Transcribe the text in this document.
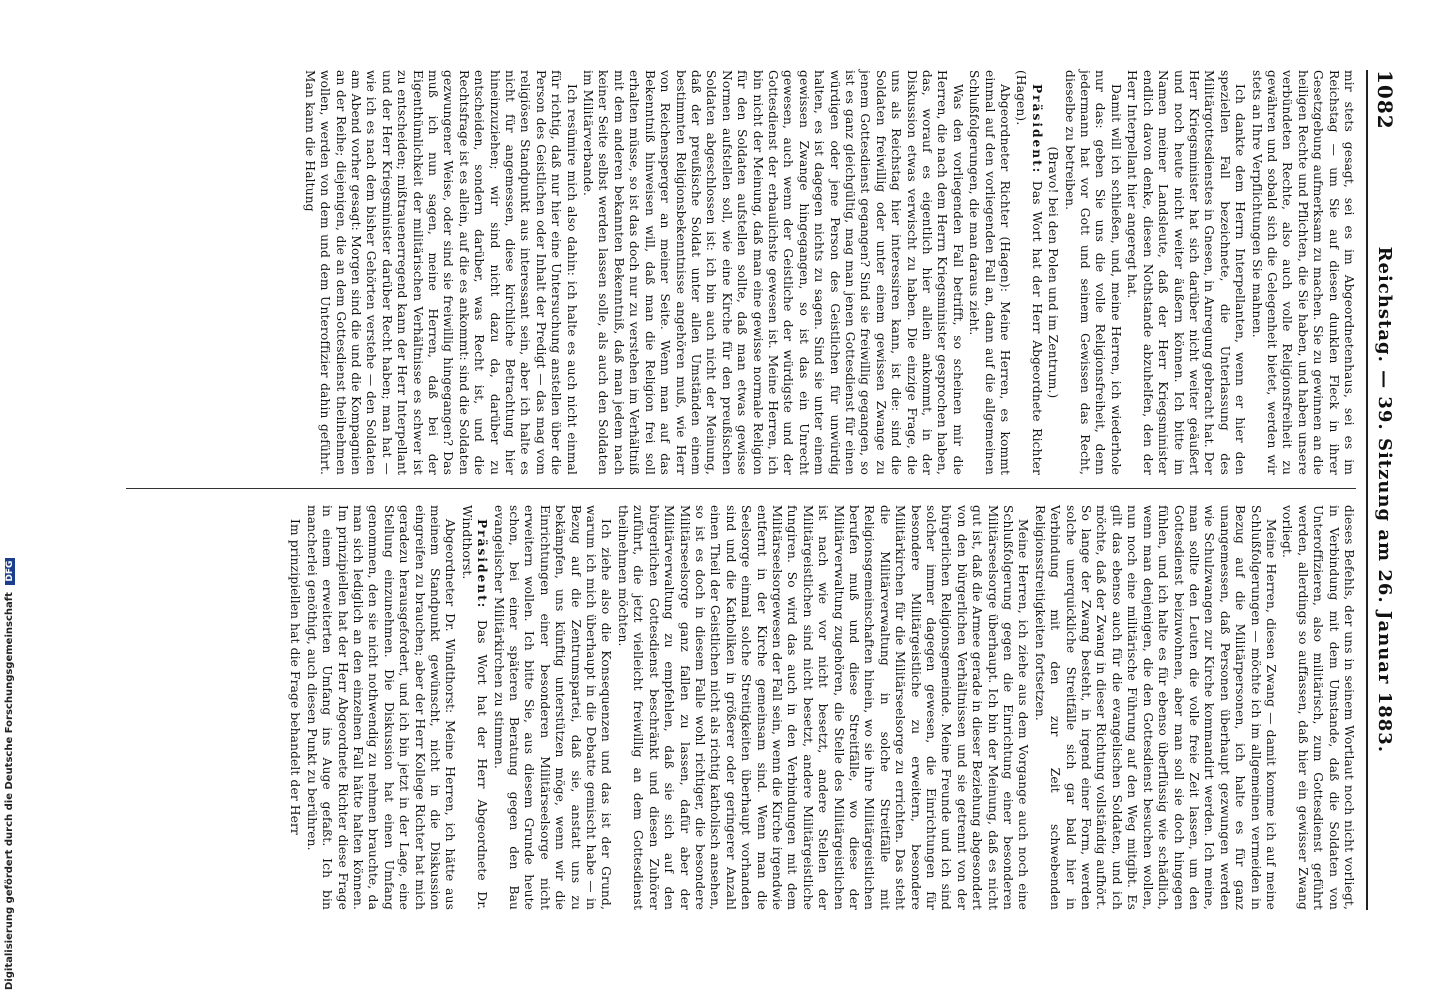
1082
Reichstag. — 39. Sitzung am 26. Januar 1883.

mir stets gesagt, sei es im Abgeordnetenhaus, sei es im Reichstag — um Sie auf diesen dunklen Fleck in ihrer Gesetzgebung aufmerksam zu machen. Sie zu gewinnen an die heiligen Rechte und Pflichten, die Sie haben, und haben unsere verbündeten Rechte, also auch volle Religionsfreiheit zu gewähren und sobald sich die Gelegenheit bietet, werden wir stets an Ihre Verpflichtungen Sie mahnen.

Ich dankte dem Herrn Interpellanten, wenn er hier den speziellen Fall bezeichnete, die Unterlassung des Militärgottesdienstes in Gnesen, in Anregung gebracht hat. Der Herr Kriegsminister hat sich darüber nicht weiter geäußert und noch heute nicht weiter äußern können. Ich bitte im Namen meiner Landsleute, daß der Herr Kriegsminister endlich davon denke, diesen Nothstande abzuhelfen, den der Herr Interpellant hier angeregt hat.

Damit will ich schließen, und, meine Herren, ich wiederhole nur das: geben Sie uns die volle Religionsfreiheit, denn jedermann hat vor Gott und seinem Gewissen das Recht, dieselbe zu betreiben.

(Bravo! bei den Polen und im Zentrum.)

Präsident: Das Wort hat der Herr Abgeordnete Richter (Hagen).

Abgeordneter Richter (Hagen): Meine Herren, es kommt einmal auf den vorliegenden Fall an, dann auf die allgemeinen Schlußfolgerungen, die man daraus zieht.

Was den vorliegenden Fall betrifft, so scheinen mir die Herren, die nach dem Herrn Kriegsminister gesprochen haben, das, worauf es eigentlich hier allein ankommt, in der Diskussion etwas verwischt zu haben. Die einzige Frage, die uns als Reichstag hier interessiren kann, ist die: sind die Soldaten freiwillig oder unter einem gewissen Zwange zu jenem Gottesdienst gegangen? Sind sie freiwillig gegangen, so ist es ganz gleichgültig, mag man jenen Gottesdienst für einen würdigen oder jene Person des Geistlichen für unwürdig halten, es ist dagegen nichts zu sagen. Sind sie unter einem gewissen Zwange hingegangen, so ist das ein Unrecht gewesen, auch wenn der Geistliche der würdigste und der Gottesdienst der erbaulichste gewesen ist. Meine Herren, ich bin nicht der Meinung, daß man eine gewisse normale Religion für den Soldaten aufstellen sollte, daß man etwas gewisse Normen aufstellen soll, wie eine Kirche für den preußischen Soldaten abgeschlossen ist: ich bin auch nicht der Meinung, daß der preußische Soldat unter allen Umständen einem bestimmten Religionsbekenntnisse angehören muß, wie Herr von Reichensperger an meiner Seite. Wenn man auf das Bekenntniß hinweisen will, daß man die Religion frei soll erhalten müsse, so ist das doch nur zu verstehen im Verhältniß mit dem anderen bekannten Bekenntniß, daß man jedem nach keiner Seite selbst werden lassen solle, als auch den Soldaten im Militärverbande.

Ich resümire mich also dahin: ich halte es auch nicht einmal für richtig, daß nur hier eine Untersuchung anstellen über die Person des Geistlichen oder Inhalt der Predigt — das mag vom religiösen Standpunkt aus interessant sein, aber ich halte es nicht für angemessen, diese kirchliche Betrachtung hier hineinzuziehen; wir sind nicht dazu da, darüber zu entscheiden, sondern darüber, was Recht ist, und die Rechtsfrage ist es allein, auf die es ankommt: sind die Soldaten gezwungener Weise, oder sind sie freiwillig hingegangen? Das muß ich nun sagen, meine Herren, daß bei der Eigenthümlichkeit der militärischen Verhältnisse es schwer ist zu entscheiden; mißtrauenerregend kann der Herr Interpellant und der Herr Kriegsminister darüber Recht haben; man hat — wie ich es nach dem bisher Gehörten verstehe — den Soldaten am Abend vorher gesagt: Morgen sind die und die Kompagnien an der Reihe; diejenigen, die an dem Gottesdienst theilnehmen wollen, werden von dem und dem Unteroffizier dahin geführt. Man kann die Haltung

dieses Befehls, der uns in seinem Wortlaut noch nicht vorliegt, in Verbindung mit dem Umstande, daß die Soldaten von Unteroffizieren, also militärisch, zum Gottesdienst geführt werden, allerdings so auffassen, daß hier ein gewisser Zwang vorliegt.

Meine Herren, diesen Zwang — damit komme ich auf meine Schlußfolgerungen — möchte ich im allgemeinen vermeiden in Bezug auf die Militärpersonen, ich halte es für ganz unangemessen, daß Personen überhaupt gezwungen werden wie Schulzwangen zur Kirche kommandirt werden. Ich meine, man sollte den Leuten die volle freie Zeit lassen, um den Gottesdienst beizuwohnen, aber man soll sie doch hingegen fühlen, und ich halte es für ebenso überflüssig wie schädlich, wenn man denjenigen, die den Gottesdienst besuchen wollen, nun noch eine militärische Führung auf den Weg mitgibt. Es gilt das ebenso auch für die evangelischen Soldaten, und ich möchte, daß der Zwang in dieser Richtung vollständig aufhört. So lange der Zwang besteht, in irgend einer Form, werden solche unerquickliche Streitfälle sich gar bald hier in Verbindung mit den zur Zeit schwebenden Religionsstreitigkeiten fortsetzen.

Meine Herren, ich ziehe aus dem Vorgange auch noch eine Schlußfolgerung gegen die Einrichtung einer besonderen Militärseelsorge überhaupt. Ich bin der Meinung, daß es nicht gut ist, daß die Armee gerade in dieser Beziehung abgesondert von den bürgerlichen Verhältnissen und sie getrennt von der bürgerlichen Religionsgemeinde. Meine Freunde und ich sind solcher immer dagegen gewesen, die Einrichtungen für besondere Militärgeistliche zu erweitern, besondere Militärkirchen für die Militärseelsorge zu errichten. Das steht die Militärverwaltung in solche Streitfälle mit Religionsgemeinschaften hinein, wo sie ihre Militärgeistlichen berufen muß und diese Streitfälle, wo diese der Militärverwaltung zugehören, die Stelle des Militärgeistlichen ist nach wie vor nicht besetzt, andere Stellen der Militärgeistlichen sind nicht besetzt, andere Militärgeistliche fungiren. So wird das auch in den Verbindungen mit dem Militärseelsorgewesen der Fall sein, wenn die Kirche irgendwie entfernt in der Kirche gemeinsam sind. Wenn man die Seelsorge einmal solche Streitigkeiten überhaupt vorhanden sind und die Katholiken in größerer oder geringerer Anzahl einen Theil der Geistlichen nicht als richtig katholisch ansehen, so ist es doch in diesem Falle wohl richtiger, die besondere Militärseelsorge ganz fallen zu lassen, dafür aber der Militärverwaltung zu empfehlen, daß sie sich auf den bürgerlichen Gottesdienst beschränkt und diesen Zuhörer zuführt, die jetzt vielleicht freiwillig an dem Gottesdienst theilnehmen möchten.

Ich ziehe also die Konsequenzen und das ist der Grund, warum ich mich überhaupt in die Debatte gemischt habe — in Bezug auf die Zentrumspartei, daß sie, anstatt uns zu bekämpfen, uns künftig unterstützen möge, wenn wir die Einrichtungen einer besonderen Militärseelsorge nicht erweitern wollen. Ich bitte Sie, aus diesem Grunde heute schon, bei einer späteren Beratung gegen den Bau evangelischer Militärkirchen zu stimmen.

Präsident: Das Wort hat der Herr Abgeordnete Dr. Windthorst.

Abgeordneter Dr. Windthorst: Meine Herren, ich hätte aus meinem Standpunkt gewünscht, nicht in die Diskussion eingreifen zu brauchen; aber der Herr Kollege Richter hat mich geradezu herausgefordert, und ich bin jetzt in der Lage, eine Stellung einzunehmen. Die Diskussion hat einen Umfang genommen, den sie nicht nothwendig zu nehmen brauchte, da man sich lediglich an den einzelnen Fall hätte halten können. Im prinzipiellen hat der Herr Abgeordnete Richter diese Frage in einem erweiterten Umfang ins Auge gefaßt. Ich bin mancherlei genöthigt, auch diesen Punkt zu berühren.

Im prinzipiellen hat die Frage behandelt der Herr

Digitalisierung gefördert durch die Deutsche Forschungsgemeinschaft DFG
